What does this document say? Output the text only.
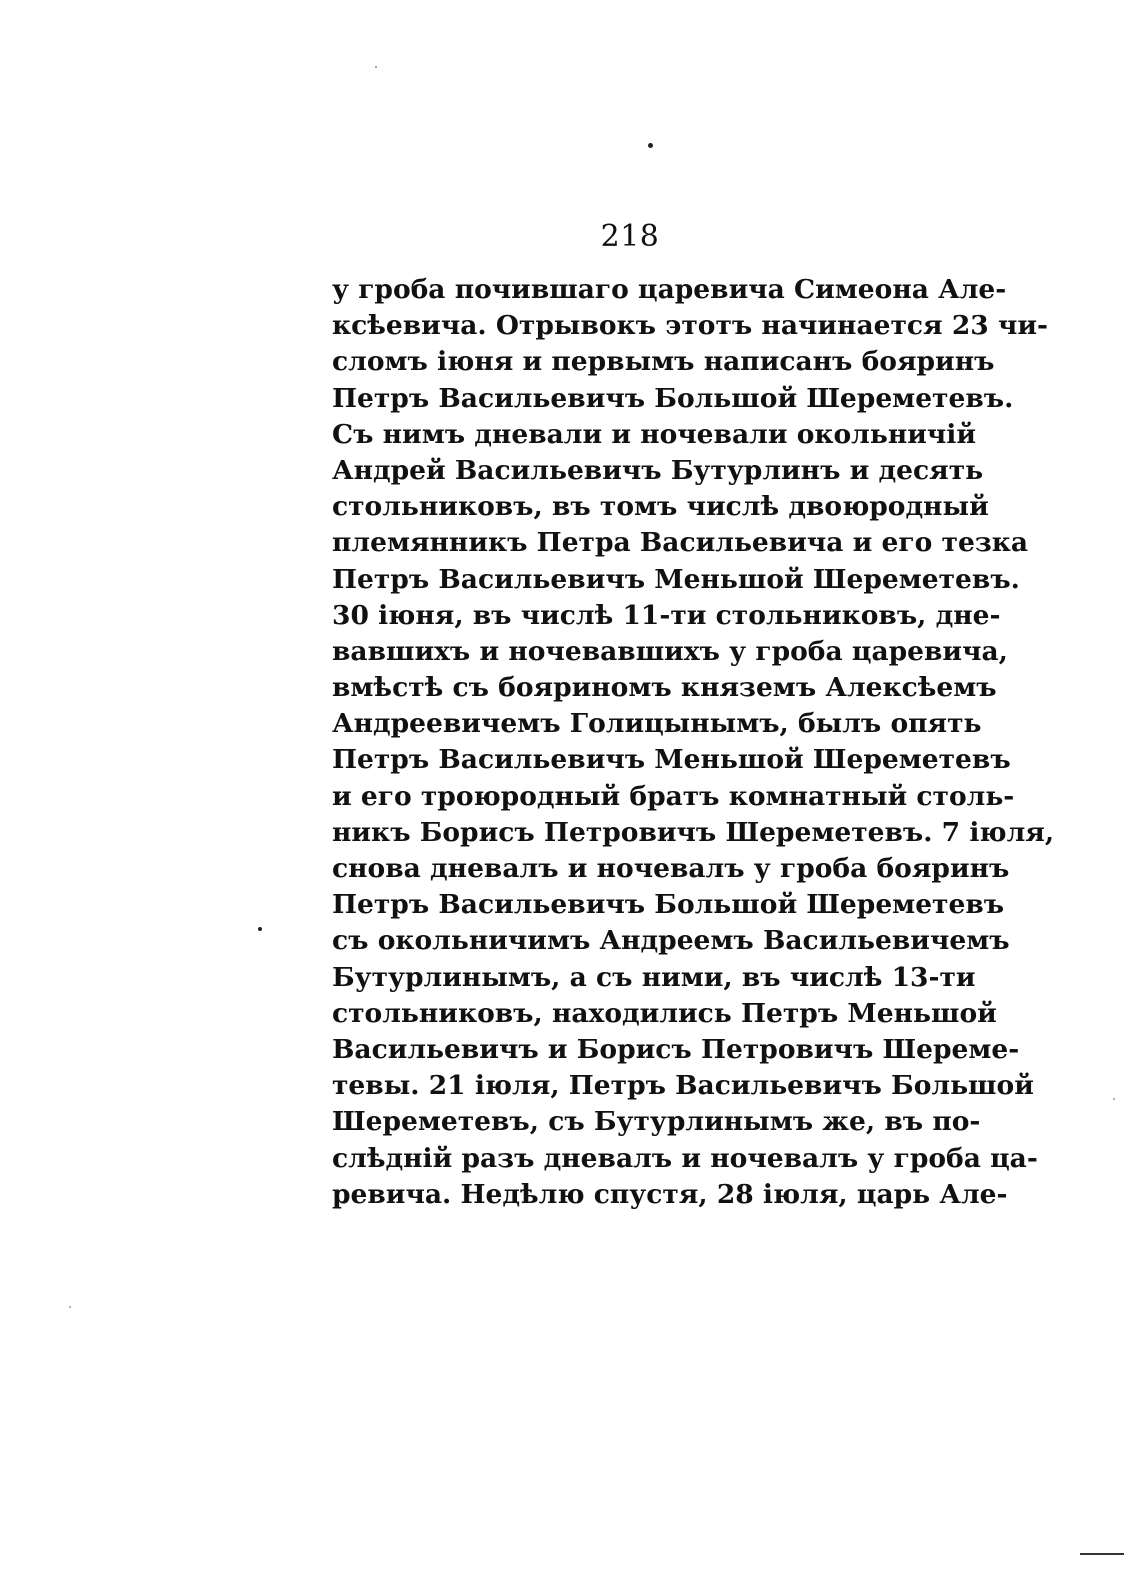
218
у гроба почившаго царевича Симеона Але-
ксѣевича. Отрывокъ этотъ начинается 23 чи-
сломъ іюня и первымъ написанъ бояринъ
Петръ Васильевичъ Большой Шереметевъ.
Съ нимъ дневали и ночевали окольничій
Андрей Васильевичъ Бутурлинъ и десять
стольниковъ, въ томъ числѣ двоюродный
племянникъ Петра Васильевича и его тезка
Петръ Васильевичъ Меньшой Шереметевъ.
30 іюня, въ числѣ 11-ти стольниковъ, дне-
вавшихъ и ночевавшихъ у гроба царевича,
вмѣстѣ съ бояриномъ княземъ Алексѣемъ
Андреевичемъ Голицынымъ, былъ опять
Петръ Васильевичъ Меньшой Шереметевъ
и его троюродный братъ комнатный столь-
никъ Борисъ Петровичъ Шереметевъ. 7 іюля,
снова дневалъ и ночевалъ у гроба бояринъ
Петръ Васильевичъ Большой Шереметевъ
съ окольничимъ Андреемъ Васильевичемъ
Бутурлинымъ, а съ ними, въ числѣ 13-ти
стольниковъ, находились Петръ Меньшой
Васильевичъ и Борисъ Петровичъ Шереме-
тевы. 21 іюля, Петръ Васильевичъ Большой
Шереметевъ, съ Бутурлинымъ же, въ по-
слѣдній разъ дневалъ и ночевалъ у гроба ца-
ревича. Недѣлю спустя, 28 іюля, царь Але-
